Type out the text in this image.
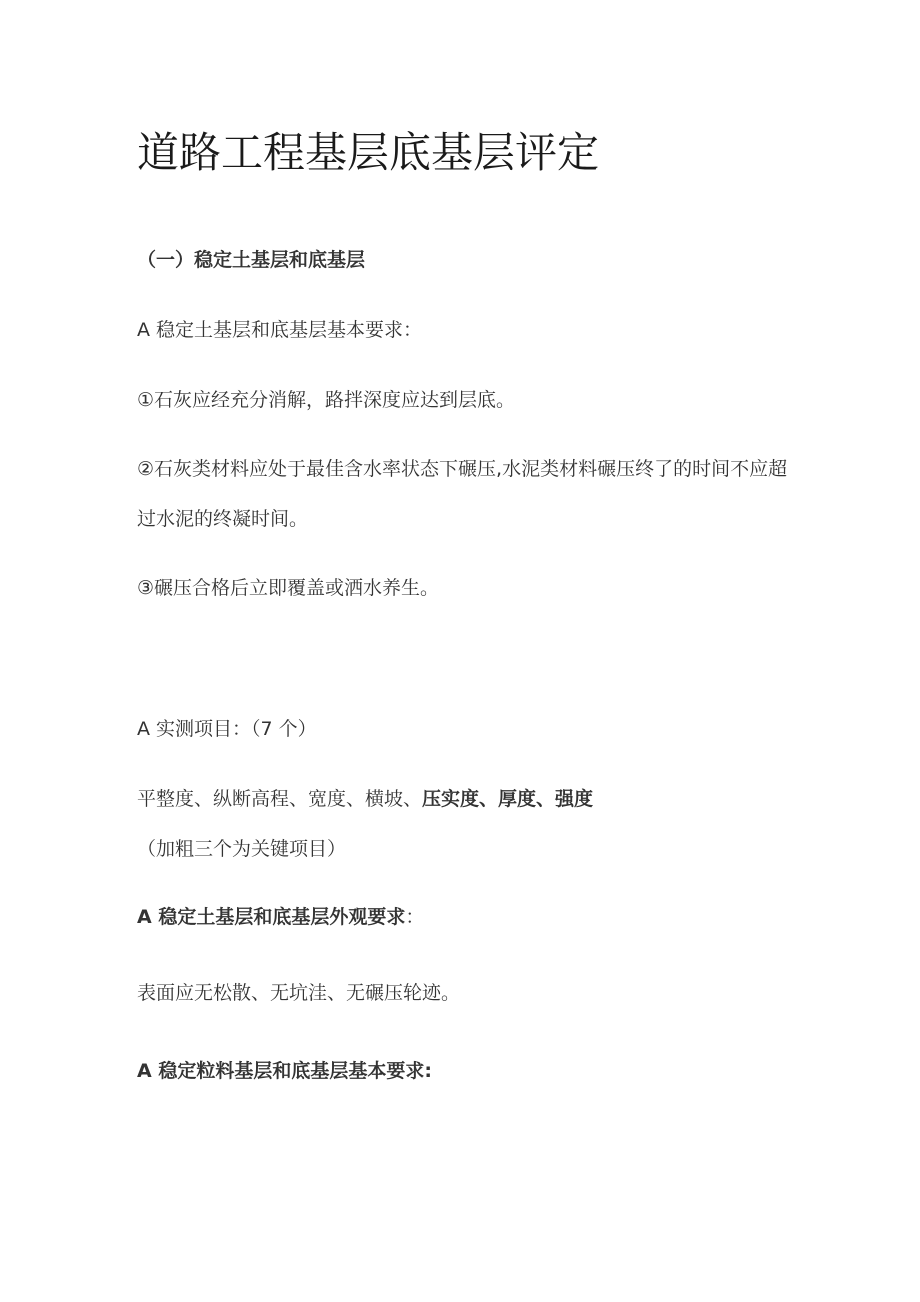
道路工程基层底基层评定
（一）稳定土基层和底基层
A 稳定土基层和底基层基本要求：
①石灰应经充分消解，路拌深度应达到层底。
②石灰类材料应处于最佳含水率状态下碾压,水泥类材料碾压终了的时间不应超过水泥的终凝时间。
③碾压合格后立即覆盖或洒水养生。
A 实测项目：（7 个）
平整度、纵断高程、宽度、横坡、压实度、厚度、强度（加粗三个为关键项目）
A 稳定土基层和底基层外观要求：
表面应无松散、无坑洼、无碾压轮迹。
A 稳定粒料基层和底基层基本要求:
